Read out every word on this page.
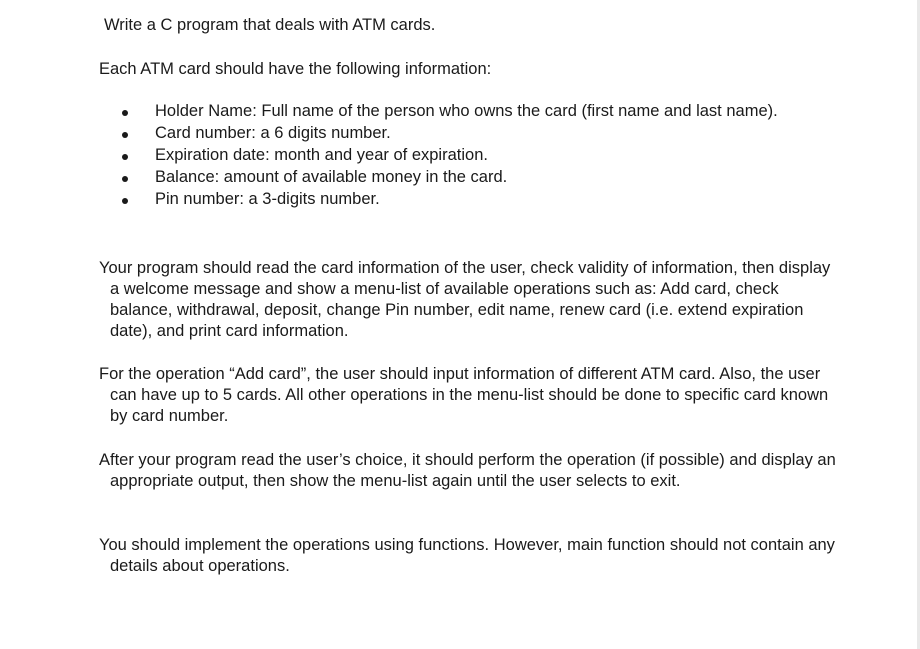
Write a C program that deals with ATM cards.

Each ATM card should have the following information:

Holder Name: Full name of the person who owns the card (first name and last name).
Card number: a 6 digits number.
Expiration date: month and year of expiration.
Balance: amount of available money in the card.
Pin number: a 3-digits number.

Your program should read the card information of the user, check validity of information, then display a welcome message and show a menu-list of available operations such as: Add card, check balance, withdrawal, deposit, change Pin number, edit name, renew card (i.e. extend expiration date), and print card information.

For the operation “Add card”, the user should input information of different ATM card. Also, the user can have up to 5 cards. All other operations in the menu-list should be done to specific card known by card number.

After your program read the user’s choice, it should perform the operation (if possible) and display an appropriate output, then show the menu-list again until the user selects to exit.

You should implement the operations using functions. However, main function should not contain any details about operations.
